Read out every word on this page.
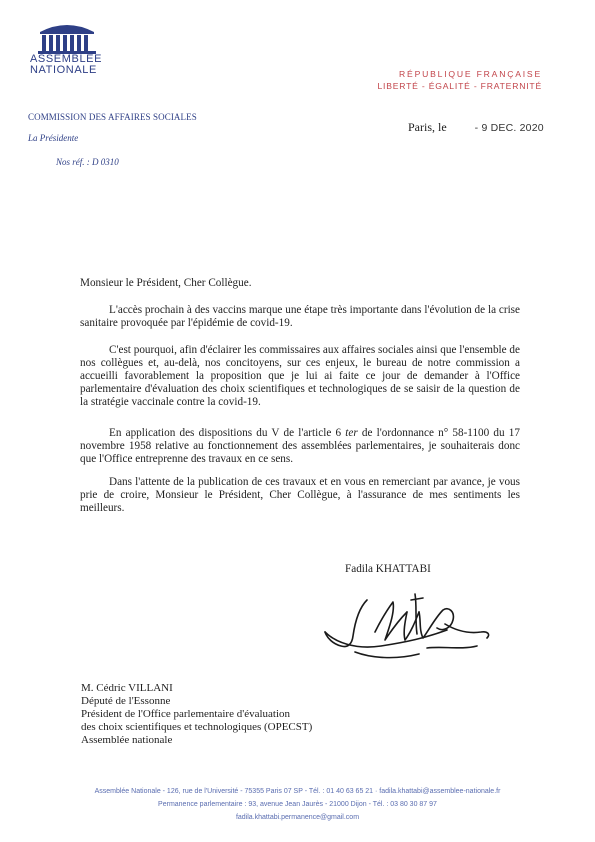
ASSEMBLÉE
NATIONALE	RÉPUBLIQUE FRANÇAISE
LIBERTÉ - ÉGALITÉ - FRATERNITÉ
COMMISSION DES AFFAIRES SOCIALES
La Présidente
Nos réf. : D 0310
Paris, le	- 9 DEC. 2020
Monsieur le Président, Cher Collègue.
L'accès prochain à des vaccins marque une étape très importante dans l'évolution de la crise sanitaire provoquée par l'épidémie de covid-19.
C'est pourquoi, afin d'éclairer les commissaires aux affaires sociales ainsi que l'ensemble de nos collègues et, au-delà, nos concitoyens, sur ces enjeux, le bureau de notre commission a accueilli favorablement la proposition que je lui ai faite ce jour de demander à l'Office parlementaire d'évaluation des choix scientifiques et technologiques de se saisir de la question de la stratégie vaccinale contre la covid-19.
En application des dispositions du V de l'article 6 ter de l'ordonnance n° 58-1100 du 17 novembre 1958 relative au fonctionnement des assemblées parlementaires, je souhaiterais donc que l'Office entreprenne des travaux en ce sens.
Dans l'attente de la publication de ces travaux et en vous en remerciant par avance, je vous prie de croire, Monsieur le Président, Cher Collègue, à l'assurance de mes sentiments les meilleurs.
Fadila KHATTABI
M. Cédric VILLANI
Député de l'Essonne
Président de l'Office parlementaire d'évaluation
des choix scientifiques et technologiques (OPECST)
Assemblée nationale
Assemblée Nationale - 126, rue de l'Université - 75355 Paris 07 SP - Tél. : 01 40 63 65 21 · fadila.khattabi@assemblee-nationale.fr
Permanence parlementaire : 93, avenue Jean Jaurès - 21000 Dijon - Tél. : 03 80 30 87 97
fadila.khattabi.permanence@gmail.com
